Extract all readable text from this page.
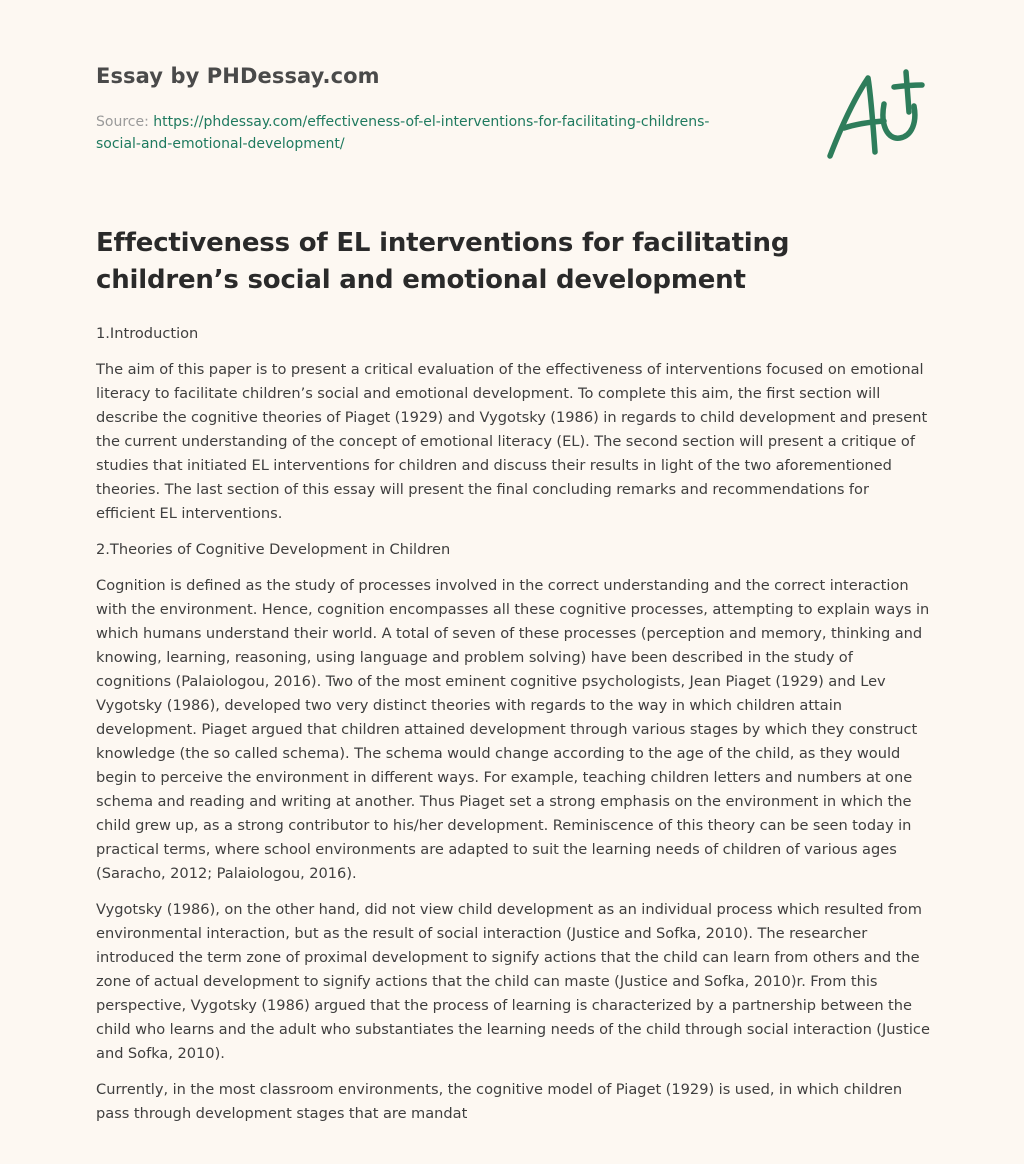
Essay by PHDessay.com
Source: https://phdessay.com/effectiveness-of-el-interventions-for-facilitating-childrens-
social-and-emotional-development/
Effectiveness of EL interventions for facilitating children’s social and emotional development

1.Introduction

The aim of this paper is to present a critical evaluation of the effectiveness of interventions focused on emotional literacy to facilitate children’s social and emotional development. To complete this aim, the first section will describe the cognitive theories of Piaget (1929) and Vygotsky (1986) in regards to child development and present the current understanding of the concept of emotional literacy (EL). The second section will present a critique of studies that initiated EL interventions for children and discuss their results in light of the two aforementioned theories. The last section of this essay will present the final concluding remarks and recommendations for efficient EL interventions.

2.Theories of Cognitive Development in Children

Cognition is defined as the study of processes involved in the correct understanding and the correct interaction with the environment. Hence, cognition encompasses all these cognitive processes, attempting to explain ways in which humans understand their world. A total of seven of these processes (perception and memory, thinking and knowing, learning, reasoning, using language and problem solving) have been described in the study of cognitions (Palaiologou, 2016). Two of the most eminent cognitive psychologists, Jean Piaget (1929) and Lev Vygotsky (1986), developed two very distinct theories with regards to the way in which children attain development. Piaget argued that children attained development through various stages by which they construct knowledge (the so called schema). The schema would change according to the age of the child, as they would begin to perceive the environment in different ways. For example, teaching children letters and numbers at one schema and reading and writing at another. Thus Piaget set a strong emphasis on the environment in which the child grew up, as a strong contributor to his/her development. Reminiscence of this theory can be seen today in practical terms, where school environments are adapted to suit the learning needs of children of various ages (Saracho, 2012; Palaiologou, 2016).

Vygotsky (1986), on the other hand, did not view child development as an individual process which resulted from environmental interaction, but as the result of social interaction (Justice and Sofka, 2010). The researcher introduced the term zone of proximal development to signify actions that the child can learn from others and the zone of actual development to signify actions that the child can maste (Justice and Sofka, 2010)r. From this perspective, Vygotsky (1986) argued that the process of learning is characterized by a partnership between the child who learns and the adult who substantiates the learning needs of the child through social interaction (Justice and Sofka, 2010).

Currently, in the most classroom environments, the cognitive model of Piaget (1929) is used, in which children pass through development stages that are mandat
